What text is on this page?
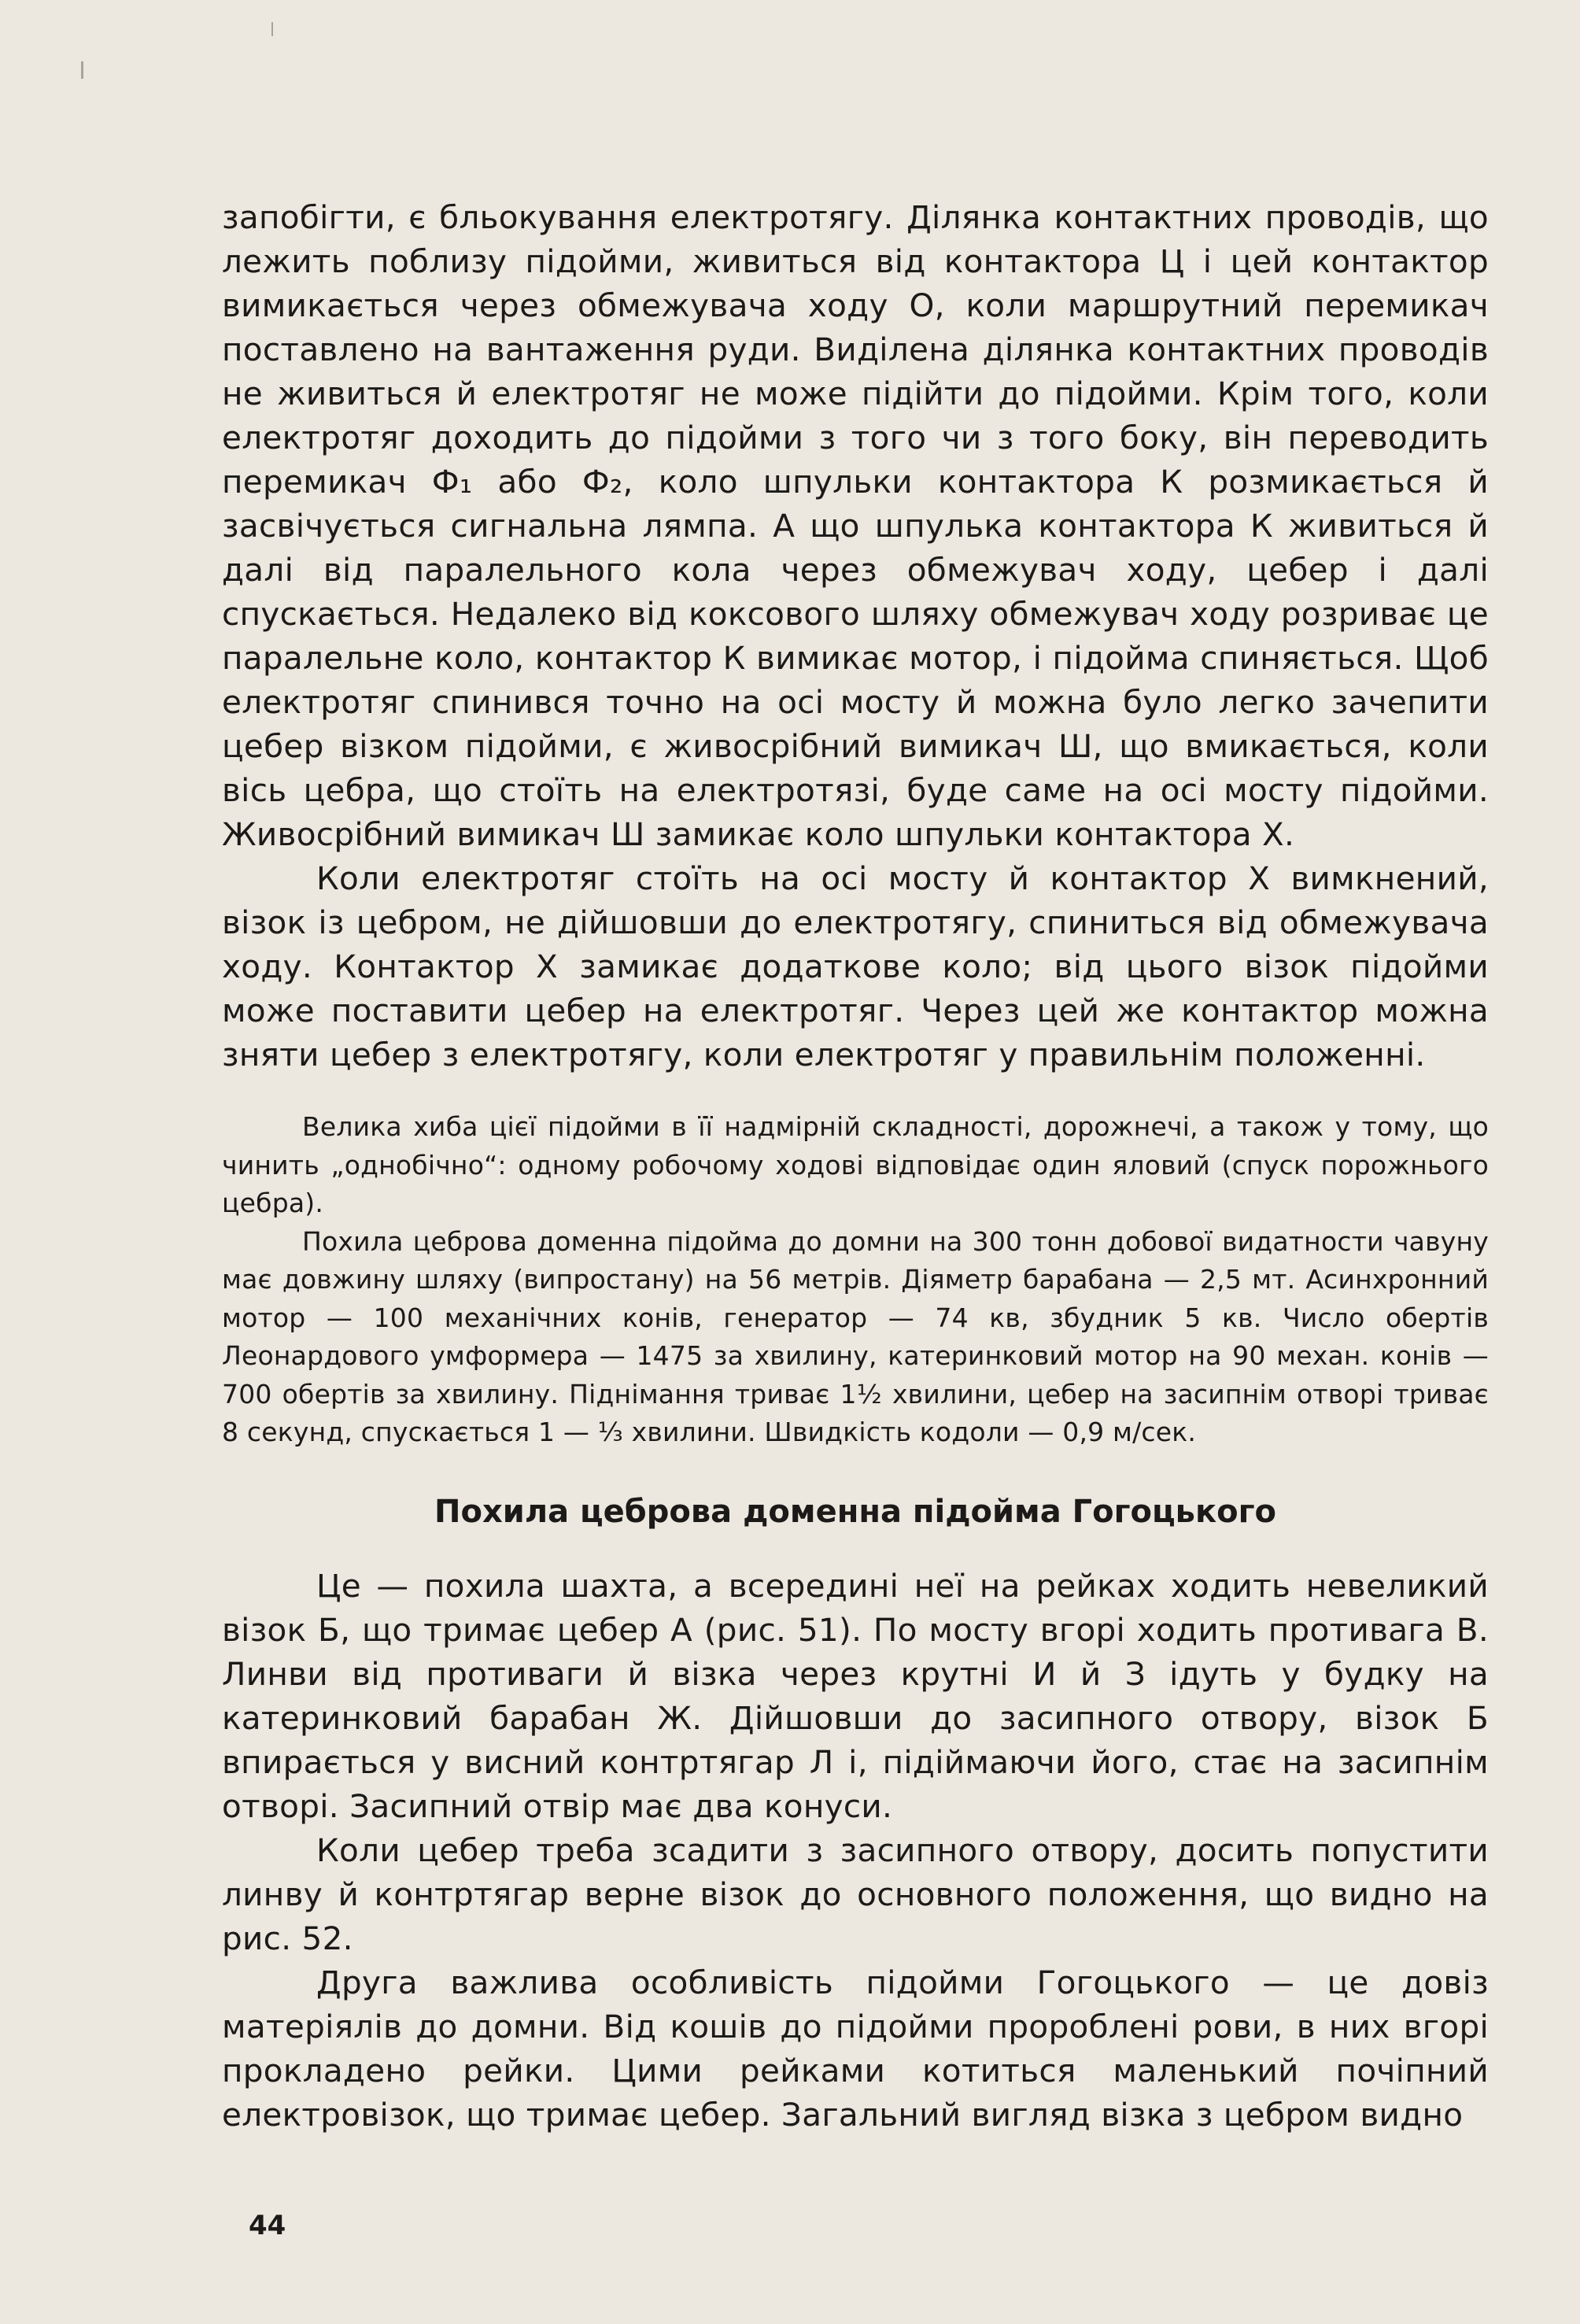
запобігти, є бльокування електротягу. Ділянка контактних проводів, що лежить поблизу підойми, живиться від контактора Ц і цей контактор вимикається через обмежувача ходу О, коли маршрутний перемикач поставлено на вантаження руди. Виділена ділянка контактних проводів не живиться й електротяг не може підійти до підойми. Крім того, коли електротяг доходить до підойми з того чи з того боку, він переводить перемикач Ф₁ або Ф₂, коло шпульки контактора К розмикається й засвічується сигнальна лямпа. А що шпулька контактора К живиться й далі від паралельного кола через обмежувач ходу, цебер і далі спускається. Недалеко від коксового шляху обмежувач ходу розриває це паралельне коло, контактор К вимикає мотор, і підойма спиняється. Щоб електротяг спинився точно на осі мосту й можна було легко зачепити цебер візком підойми, є живосрібний вимикач Ш, що вмикається, коли вісь цебра, що стоїть на електротязі, буде саме на осі мосту підойми. Живосрібний вимикач Ш замикає коло шпульки контактора Х.

Коли електротяг стоїть на осі мосту й контактор Х вимкнений, візок із цебром, не дійшовши до електротягу, спиниться від обмежувача ходу. Контактор Х замикає додаткове коло; від цього візок підойми може поставити цебер на електротяг. Через цей же контактор можна зняти цебер з електротягу, коли електротяг у правильнім положенні.

Велика хиба цієї підойми в її надмірній складності, дорожнечі, а також у тому, що чинить „однобічно“: одному робочому ходові відповідає один яловий (спуск порожнього цебра).

Похила цеброва доменна підойма до домни на 300 тонн добової видатности чавуну має довжину шляху (випростану) на 56 метрів. Діяметр барабана — 2,5 мт. Асинхронний мотор — 100 механічних конів, генератор — 74 кв, збудник 5 кв. Число обертів Леонардового умформера — 1475 за хвилину, катеринковий мотор на 90 механ. конів — 700 обертів за хвилину. Піднімання триває 1½ хвилини, цебер на засипнім отворі триває 8 секунд, спускається 1 — ⅓ хвилини. Швидкість кодоли — 0,9 м/сек.

Похила цеброва доменна підойма Гогоцького

Це — похила шахта, а всередині неї на рейках ходить невеликий візок Б, що тримає цебер А (рис. 51). По мосту вгорі ходить противага В. Линви від противаги й візка через крутні И й З ідуть у будку на катеринковий барабан Ж. Дійшовши до засипного отвору, візок Б впирається у висний контртягар Л і, підіймаючи його, стає на засипнім отворі. Засипний отвір має два конуси.

Коли цебер треба зсадити з засипного отвору, досить попустити линву й контртягар верне візок до основного положення, що видно на рис. 52.

Друга важлива особливість підойми Гогоцького — це довіз матеріялів до домни. Від кошів до підойми пророблені рови, в них вгорі прокладено рейки. Цими рейками котиться маленький почіпний електровізок, що тримає цебер. Загальний вигляд візка з цебром видно

44
